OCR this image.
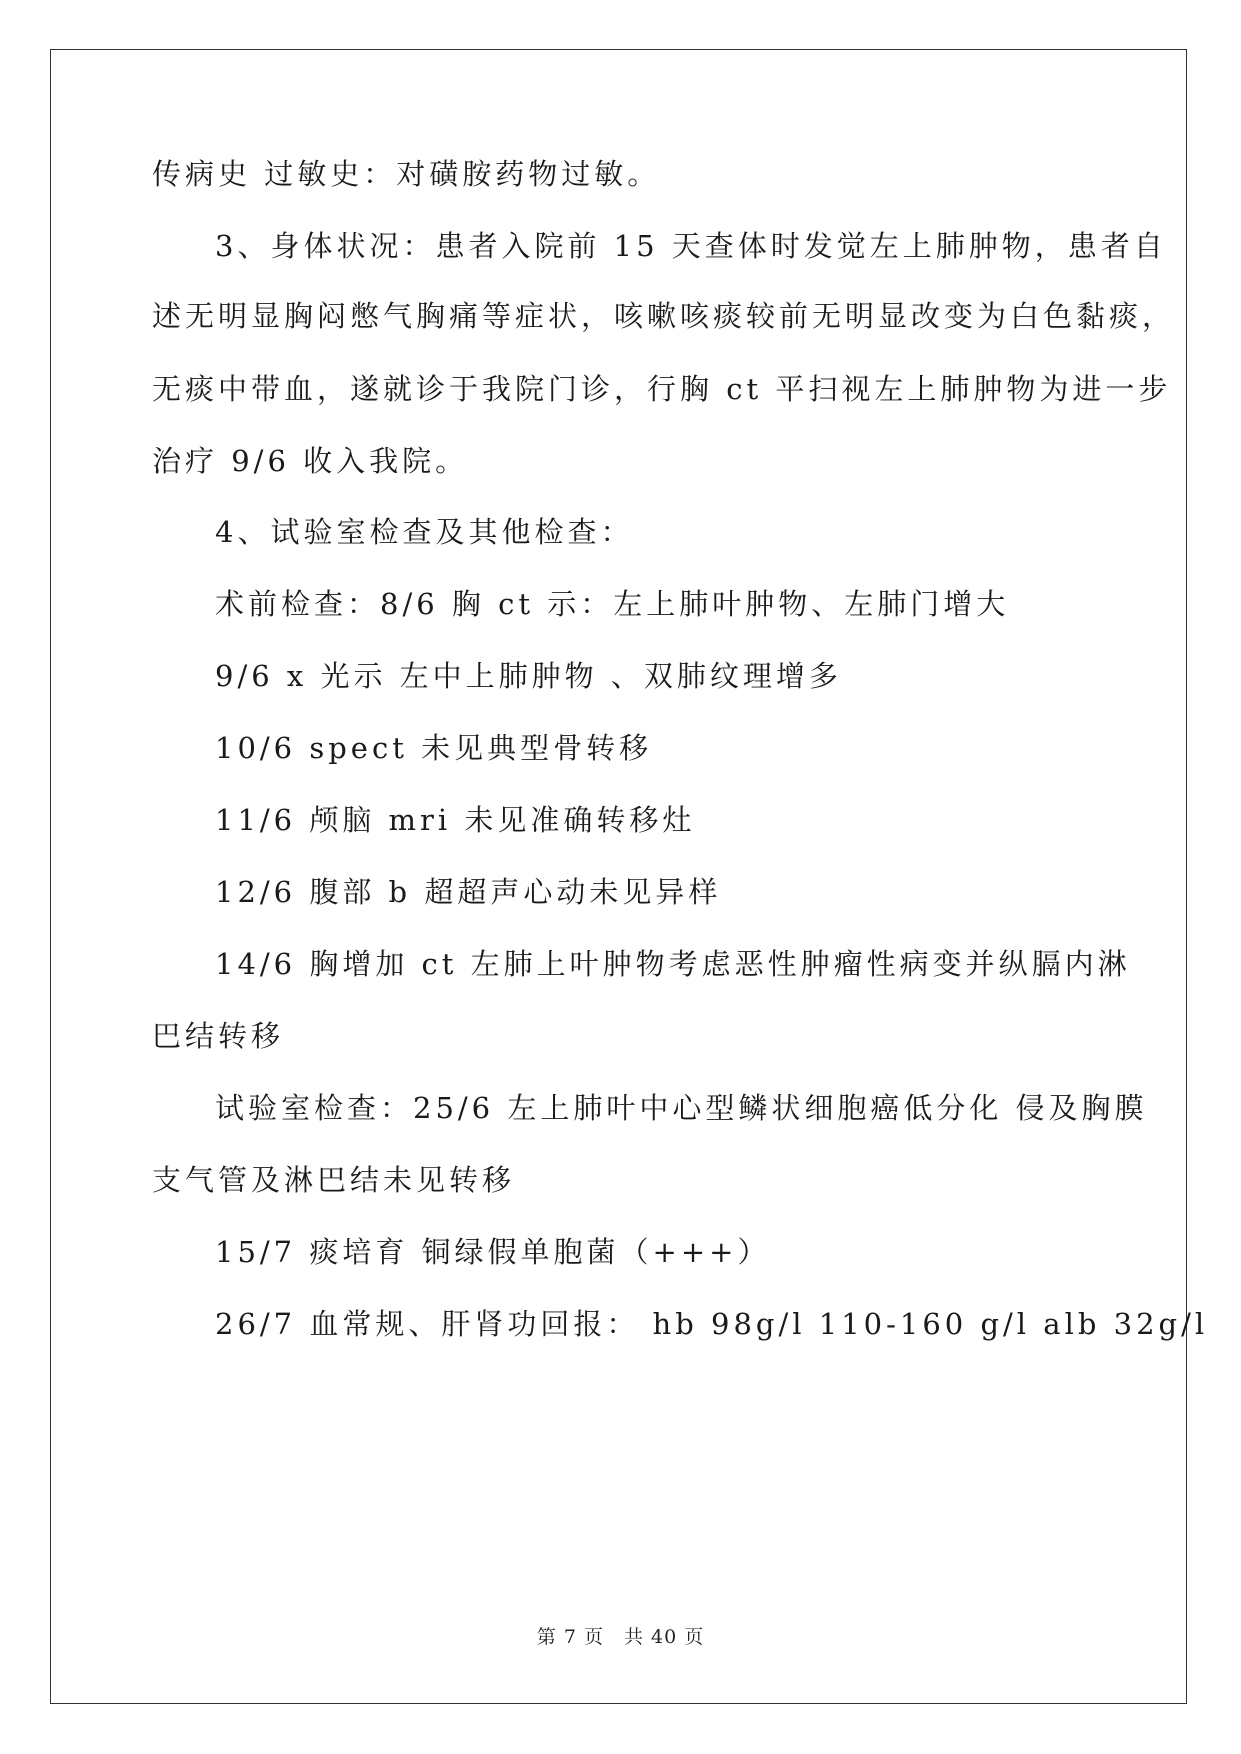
传病史 过敏史：对磺胺药物过敏。
3、身体状况：患者入院前 15 天查体时发觉左上肺肿物，患者自
述无明显胸闷憋气胸痛等症状，咳嗽咳痰较前无明显改变为白色黏痰，
无痰中带血，遂就诊于我院门诊，行胸 ct 平扫视左上肺肿物为进一步
治疗 9/6 收入我院。
4、试验室检查及其他检查：
术前检查：8/6 胸 ct 示：左上肺叶肿物、左肺门增大
9/6 x 光示 左中上肺肿物 、双肺纹理增多
10/6 spect 未见典型骨转移
11/6 颅脑 mri 未见准确转移灶
12/6 腹部 b 超超声心动未见异样
14/6 胸增加 ct 左肺上叶肿物考虑恶性肿瘤性病变并纵膈内淋
巴结转移
试验室检查：25/6 左上肺叶中心型鳞状细胞癌低分化 侵及胸膜
支气管及淋巴结未见转移
15/7 痰培育 铜绿假单胞菌（+++）
26/7 血常规、肝肾功回报： hb 98g/l 110-160 g/l alb 32g/l
第 7 页 共 40 页
